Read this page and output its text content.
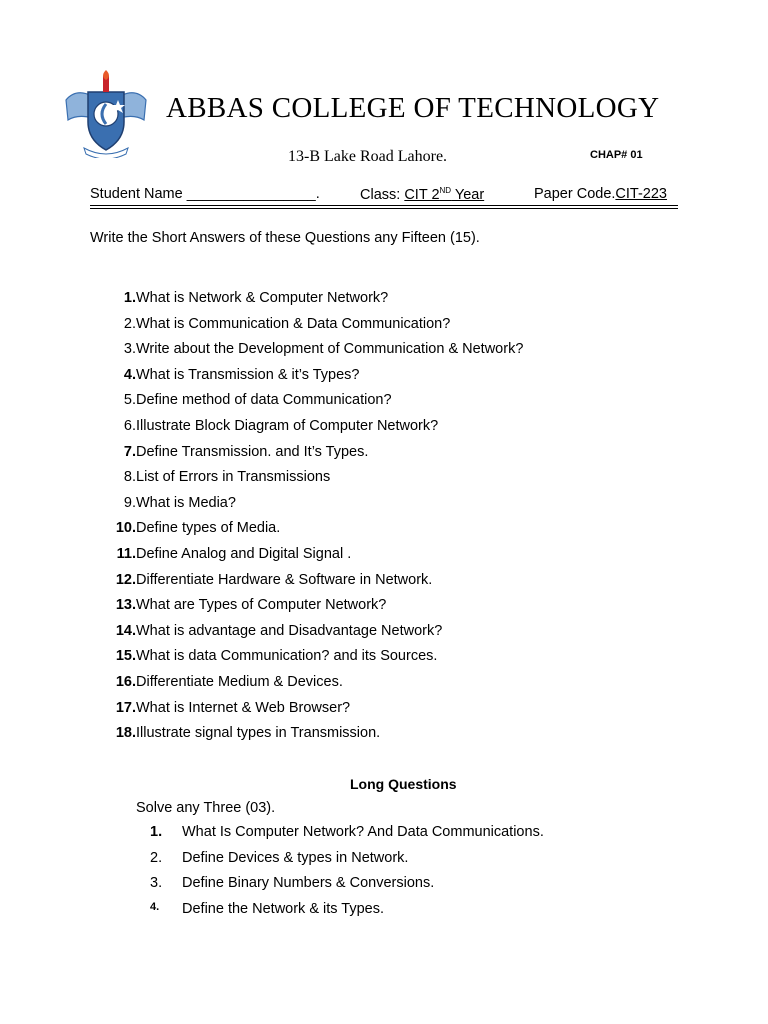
ABBAS COLLEGE OF TECHNOLOGY
13-B Lake Road Lahore.	CHAP# 01
Student Name ________________.	Class: CIT 2ND Year	Paper Code.CIT-223
Write the Short Answers of these Questions any Fifteen (15).
1. What is Network & Computer Network?
2. What is Communication & Data Communication?
3. Write about the Development of Communication & Network?
4. What is Transmission & it’s Types?
5. Define method of data Communication?
6. Illustrate Block Diagram of Computer Network?
7. Define Transmission. and It’s Types.
8. List of Errors in Transmissions
9. What is Media?
10. Define types of Media.
11. Define Analog and Digital Signal .
12. Differentiate Hardware & Software in Network.
13. What are Types of Computer Network?
14. What is advantage and Disadvantage Network?
15. What is data Communication? and its Sources.
16. Differentiate Medium & Devices.
17. What is Internet & Web Browser?
18. Illustrate signal types in Transmission.
Long Questions
Solve any Three (03).
1.	What Is Computer Network? And Data Communications.
2.	Define Devices & types in Network.
3.	Define Binary Numbers & Conversions.
4.	Define the Network & its Types.
